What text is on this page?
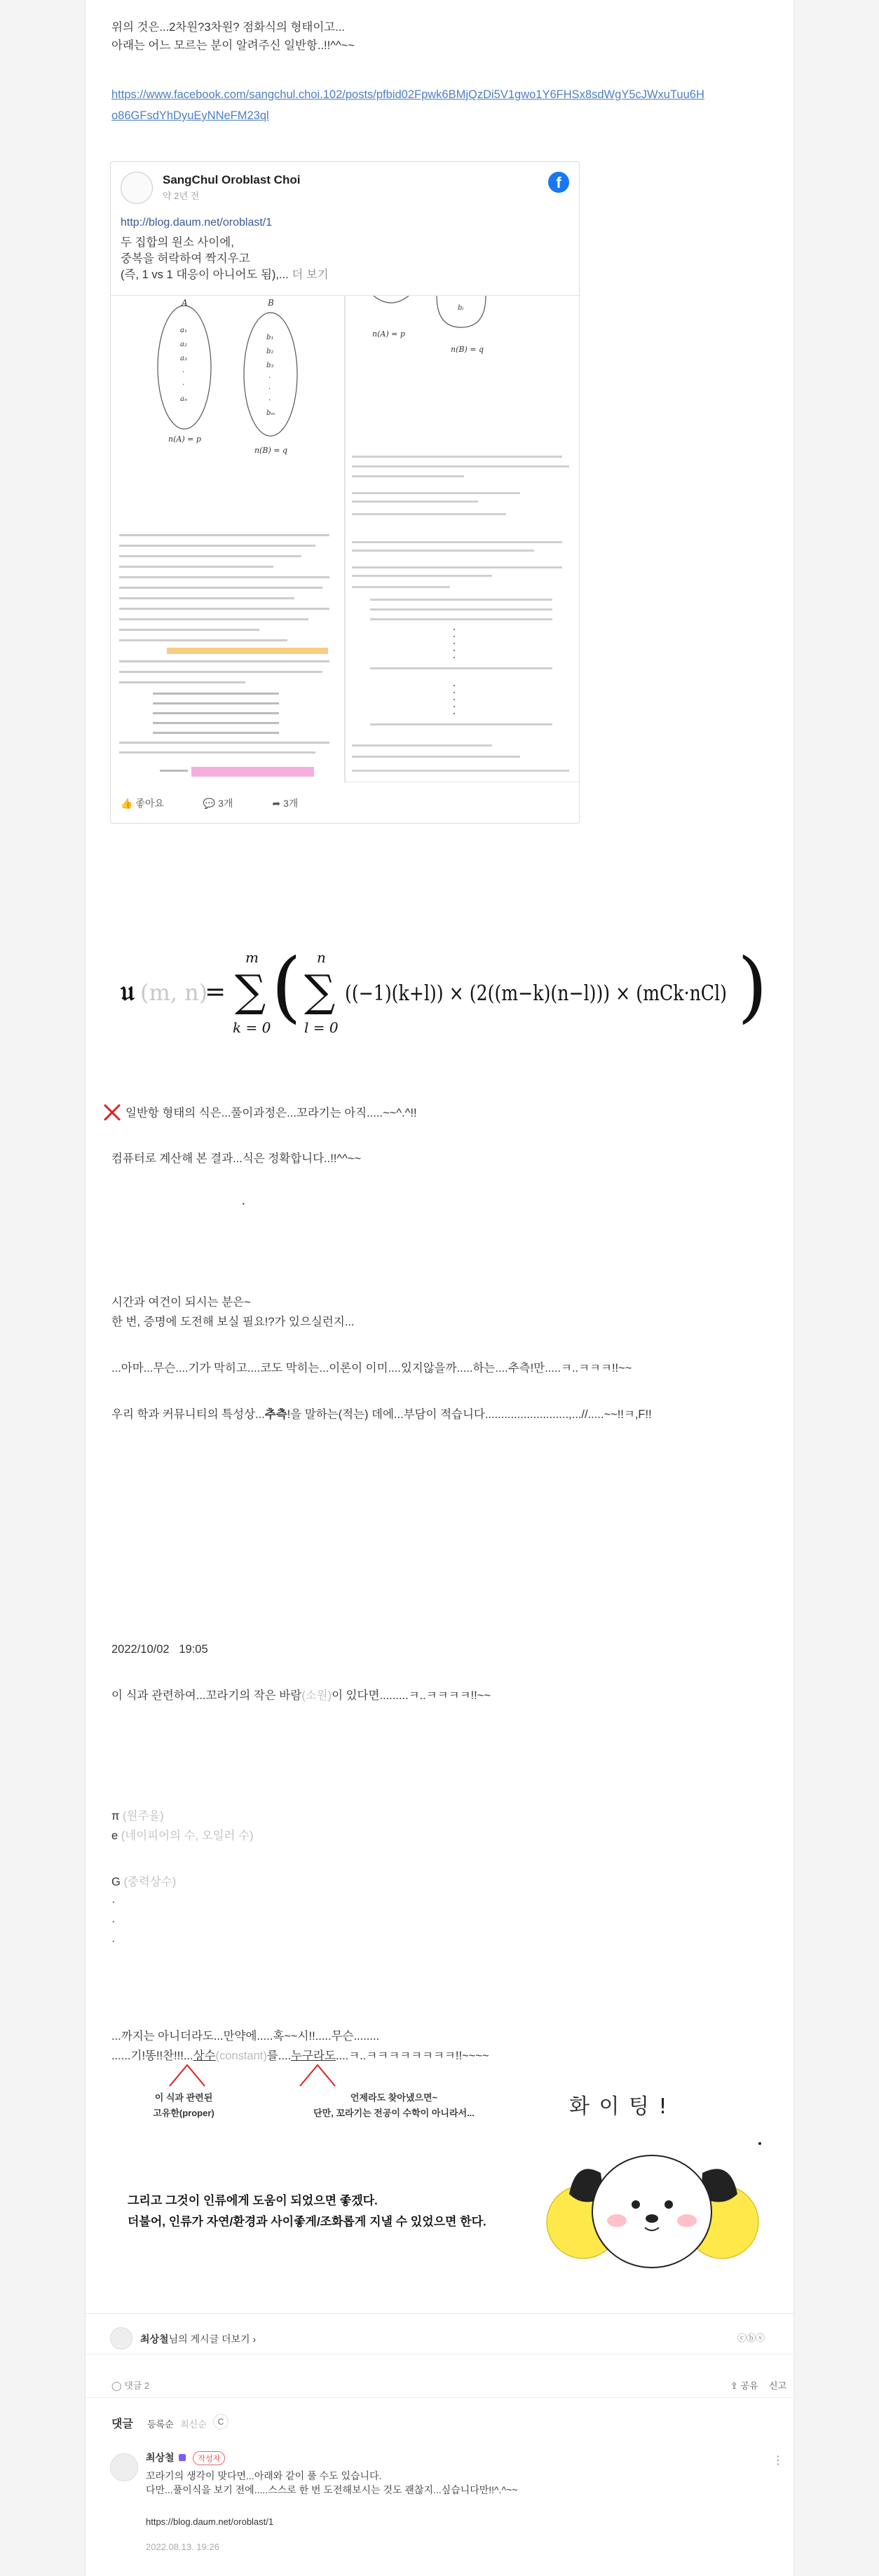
위의 것은...2차원?3차원? 점화식의 형태이고...
아래는 어느 모르는 분이 알려주신 일반항..!!^^~~
https://www.facebook.com/sangchul.choi.102/posts/pfbid02Fpwk6BMjQzDi5V1gwo1Y6FHSx8sdWgY5cJWxuTuu6H
o86GFsdYhDyuEyNNeFM23ql
SangChul Oroblast Choi
약 2년 전
f
http://blog.daum.net/oroblast/1
두 집합의 원소 사이에,
중복을 허락하여 짝지우고
(즉, 1 vs 1 대응이 아니어도 됨),... 더 보기
A	B
a₁
a₂
a₃
·
·
aₙ
b₁
b₂
b₃
·
·
·
bₘ
n(A) = p
n(B) = q
bᵢ
n(A) = p
n(B) = q
👍 좋아요	💬 3개	➦ 3개
𝔲 (m, n)
= ∑
m
k = 0 ( ∑
n
l = 0
((−1)(k+l)) × (2((m−k)(n−l))) × (mCk·nCl) )
일반항 형태의 식은...풀이과정은...꼬라기는 아직.....~~^.^!!
컴퓨터로 계산해 본 결과...식은 정확합니다..!!^^~~
·
시간과 여건이 되시는 분은~
한 번, 증명에 도전해 보실 필요!?가 있으실런지...
...아마...무슨....기가 막히고....코도 막히는...이론이 이미....있지않을까.....하는....추측!만.....ㅋ..ㅋㅋㅋ!!~~
우리 학과 커뮤니티의 특성상...추측!을 말하는(적는) 데에...부담이 적습니다..........................,...//.....~~!!ㅋ,F!!
2022/10/02 19:05
이 식과 관련하여...꼬라기의 작은 바람(소원)이 있다면.........ㅋ..ㅋㅋㅋㅋ!!~~
π (원주율)
e (네이피어의 수, 오일러 수)
G (중력상수)
·
·
·
...까지는 아니더라도...만약에.....혹~~시!!.....무슨........
......기!똥!!찬!!!...상수(constant)를....누구라도....ㅋ..ㅋㅋㅋㅋㅋㅋㅋㅋ!!~~~~
이 식과 관련된
고유한(proper)
언제라도 찾아냈으면~
단만, 꼬라기는 전공이 수학이 아니라서...
그리고 그것이 인류에게 도움이 되었으면 좋겠다.
더불어, 인류가 자연/환경과 사이좋게/조화롭게 지낼 수 있었으면 한다.
화 이 팅 !
최상철님의 게시글 더보기 ›	ⓒⓑⓢ
◯ 댓글 2	⇪ 공유 신고
댓글 등록순 최신순	C
최상철	작성자
꼬라기의 생각이 맞다면...아래와 같이 풀 수도 있습니다.
다만...풀이식을 보기 전에.....스스로 한 번 도전해보시는 것도 괜찮지...싶습니다만!!^.^~~
https://blog.daum.net/oroblast/1
2022.08.13. 19:26
⋮
